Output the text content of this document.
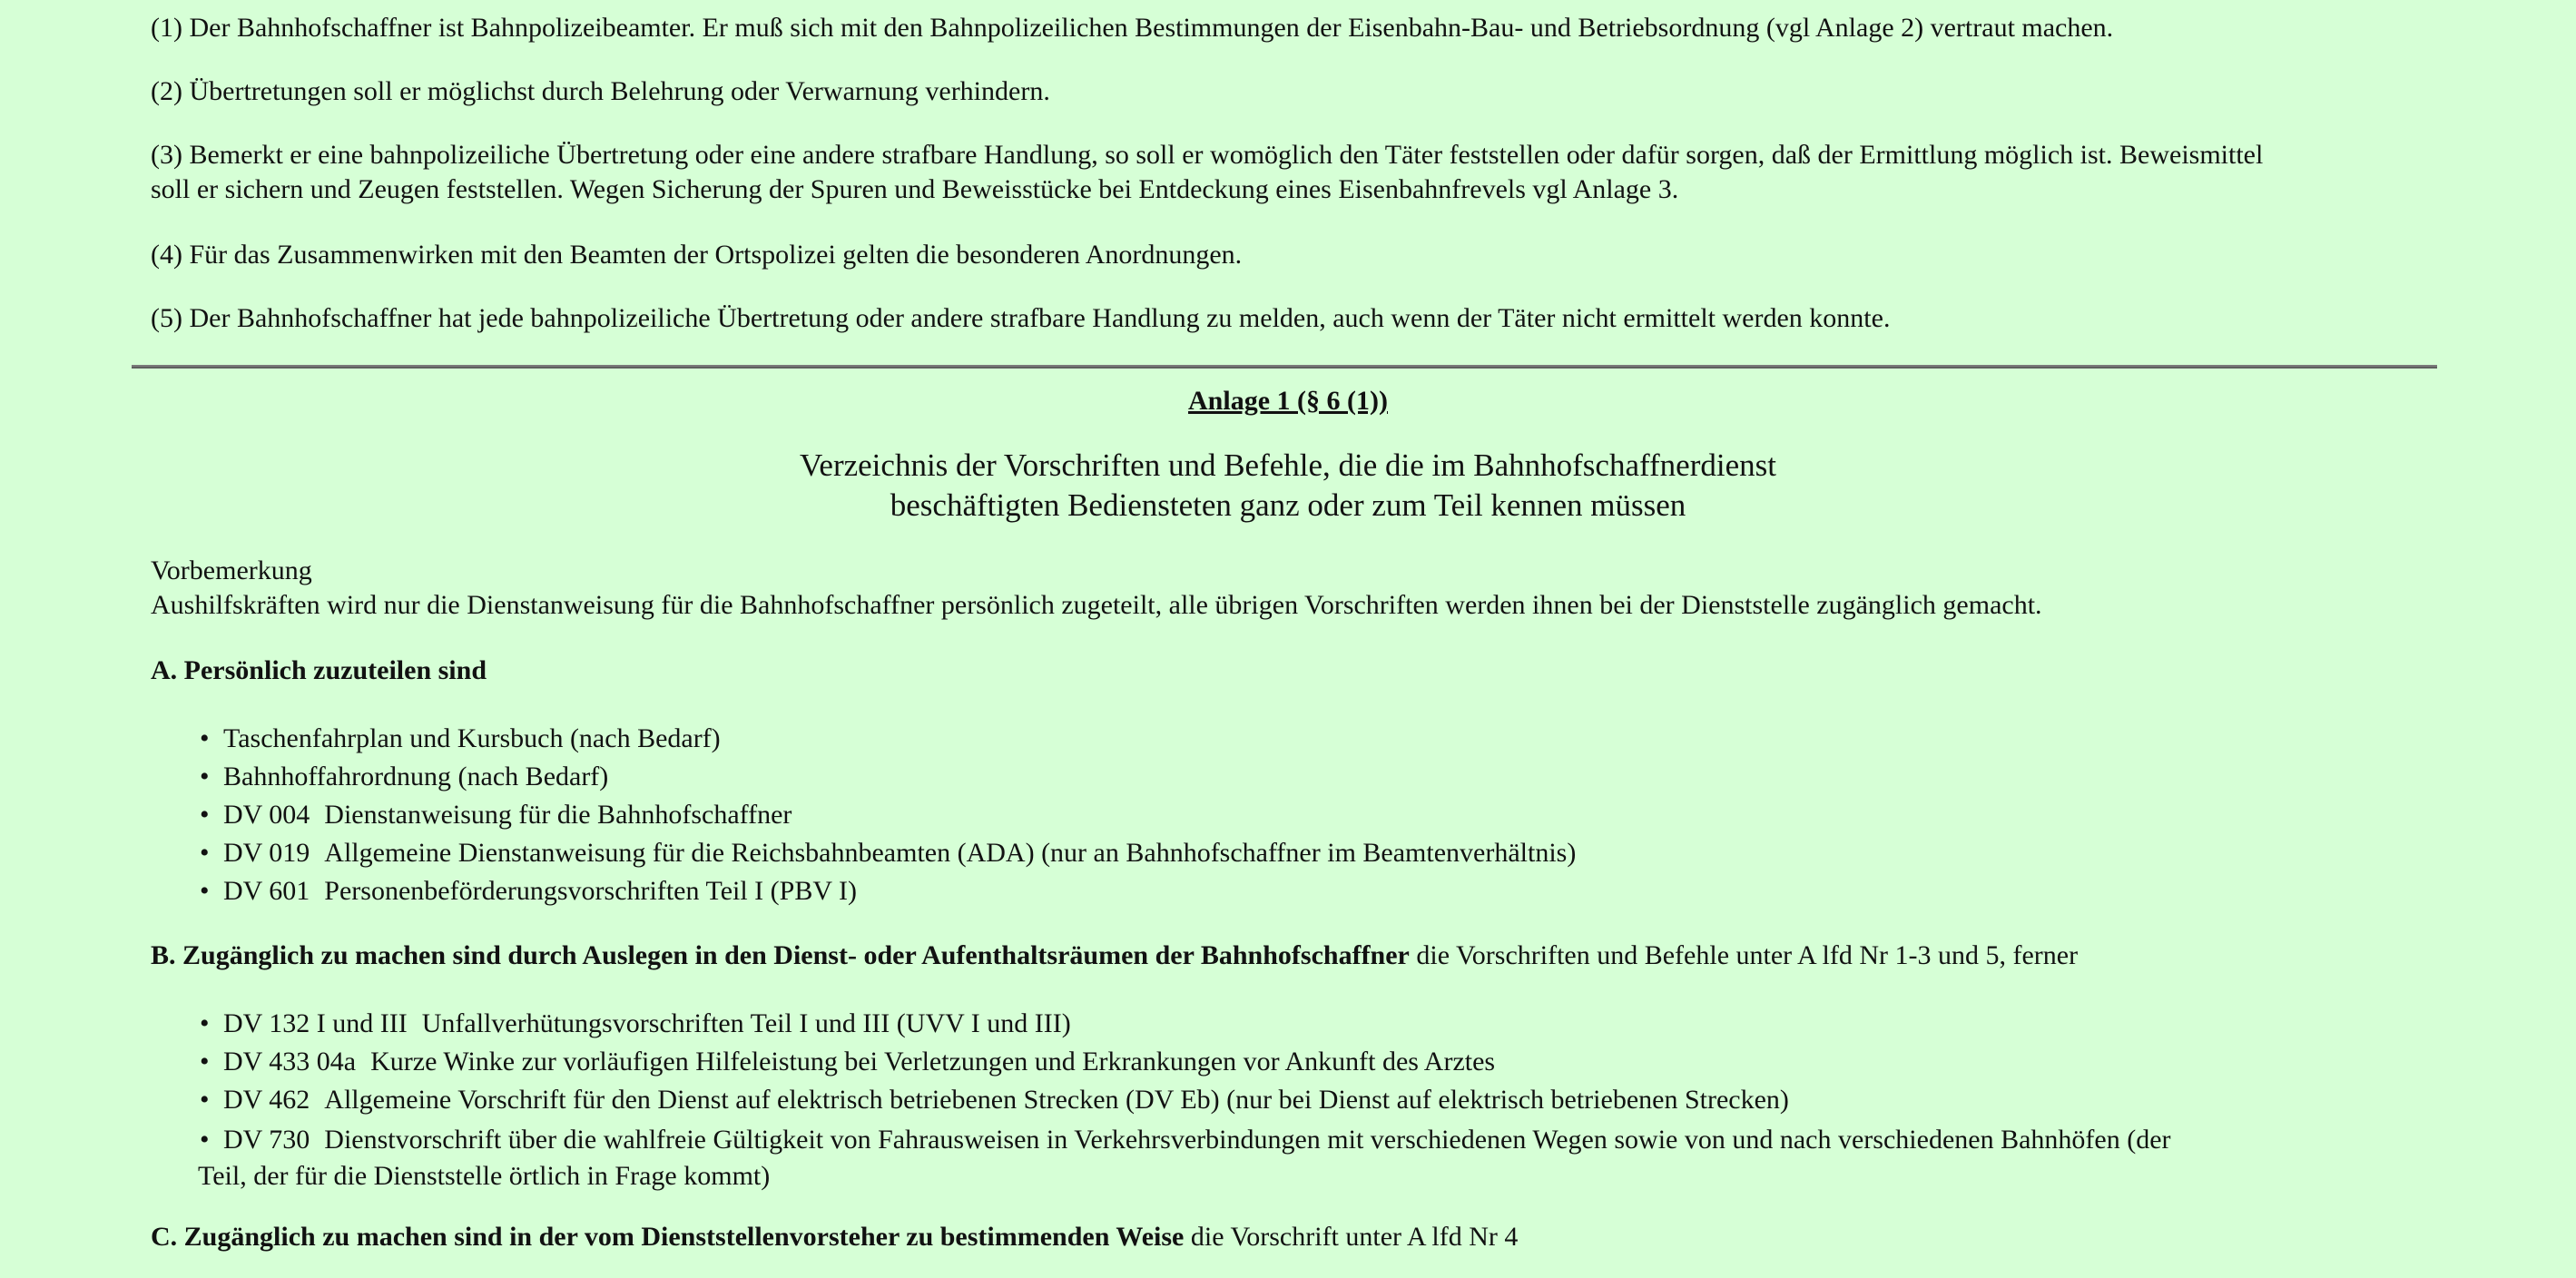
(1) Der Bahnhofschaffner ist Bahnpolizeibeamter. Er muß sich mit den Bahnpolizeilichen Bestimmungen der Eisenbahn-Bau- und Betriebsordnung (vgl Anlage 2) vertraut machen.

(2) Übertretungen soll er möglichst durch Belehrung oder Verwarnung verhindern.

(3) Bemerkt er eine bahnpolizeiliche Übertretung oder eine andere strafbare Handlung, so soll er womöglich den Täter feststellen oder dafür sorgen, daß der Ermittlung möglich ist. Beweismittel
soll er sichern und Zeugen feststellen. Wegen Sicherung der Spuren und Beweisstücke bei Entdeckung eines Eisenbahnfrevels vgl Anlage 3.

(4) Für das Zusammenwirken mit den Beamten der Ortspolizei gelten die besonderen Anordnungen.

(5) Der Bahnhofschaffner hat jede bahnpolizeiliche Übertretung oder andere strafbare Handlung zu melden, auch wenn der Täter nicht ermittelt werden konnte.

Anlage 1 (§ 6 (1))

Verzeichnis der Vorschriften und Befehle, die die im Bahnhofschaffnerdienst
beschäftigten Bediensteten ganz oder zum Teil kennen müssen
Vorbemerkung
Aushilfskräften wird nur die Dienstanweisung für die Bahnhofschaffner persönlich zugeteilt, alle übrigen Vorschriften werden ihnen bei der Dienststelle zugänglich gemacht.

A. Persönlich zuzuteilen sind

• Taschenfahrplan und Kursbuch (nach Bedarf)
• Bahnhoffahrordnung (nach Bedarf)
• DV 004 Dienstanweisung für die Bahnhofschaffner
• DV 019 Allgemeine Dienstanweisung für die Reichsbahnbeamten (ADA) (nur an Bahnhofschaffner im Beamtenverhältnis)
• DV 601 Personenbeförderungsvorschriften Teil I (PBV I)

B. Zugänglich zu machen sind durch Auslegen in den Dienst- oder Aufenthaltsräumen der Bahnhofschaffner die Vorschriften und Befehle unter A lfd Nr 1-3 und 5, ferner

• DV 132 I und III Unfallverhütungsvorschriften Teil I und III (UVV I und III)
• DV 433 04a Kurze Winke zur vorläufigen Hilfeleistung bei Verletzungen und Erkrankungen vor Ankunft des Arztes
• DV 462 Allgemeine Vorschrift für den Dienst auf elektrisch betriebenen Strecken (DV Eb) (nur bei Dienst auf elektrisch betriebenen Strecken)
• DV 730 Dienstvorschrift über die wahlfreie Gültigkeit von Fahrausweisen in Verkehrsverbindungen mit verschiedenen Wegen sowie von und nach verschiedenen Bahnhöfen (der
Teil, der für die Dienststelle örtlich in Frage kommt)

C. Zugänglich zu machen sind in der vom Dienststellenvorsteher zu bestimmenden Weise die Vorschrift unter A lfd Nr 4
